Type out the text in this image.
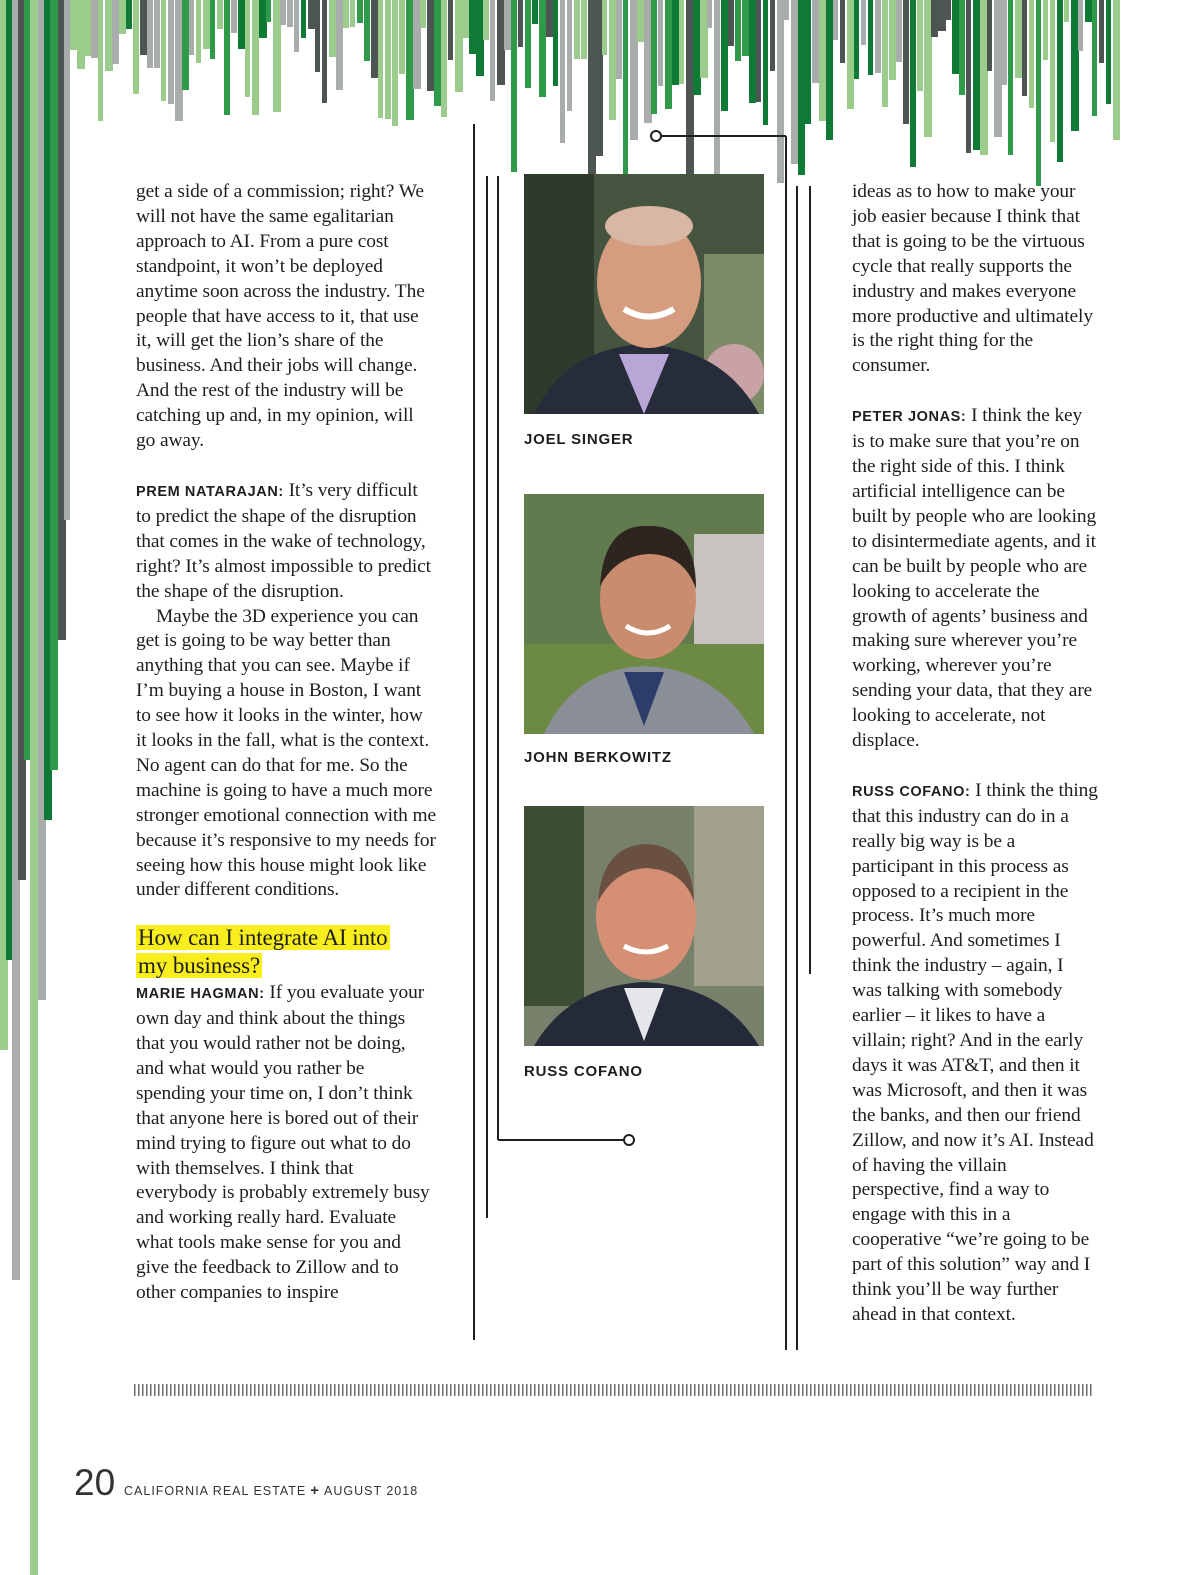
get a side of a commission; right? We will not have the same egalitarian approach to AI. From a pure cost standpoint, it won’t be deployed anytime soon across the industry. The people that have access to it, that use it, will get the lion’s share of the business. And their jobs will change. And the rest of the industry will be catching up and, in my opinion, will go away.

PREM NATARAJAN: It’s very difficult to predict the shape of the disruption that comes in the wake of technology, right? It’s almost impossible to predict the shape of the disruption.

Maybe the 3D experience you can get is going to be way better than anything that you can see. Maybe if I’m buying a house in Boston, I want to see how it looks in the winter, how it looks in the fall, what is the context. No agent can do that for me. So the machine is going to have a much more stronger emotional connection with me because it’s responsive to my needs for seeing how this house might look like under different conditions.

How can I integrate AI into my business?

MARIE HAGMAN: If you evaluate your own day and think about the things that you would rather not be doing, and what would you rather be spending your time on, I don’t think that anyone here is bored out of their mind trying to figure out what to do with themselves. I think that everybody is probably extremely busy and working really hard. Evaluate what tools make sense for you and give the feedback to Zillow and to other companies to inspire

JOEL SINGER
JOHN BERKOWITZ
RUSS COFANO

ideas as to how to make your job easier because I think that that is going to be the virtuous cycle that really supports the industry and makes everyone more productive and ultimately is the right thing for the consumer.

PETER JONAS: I think the key is to make sure that you’re on the right side of this. I think artificial intelligence can be built by people who are looking to disintermediate agents, and it can be built by people who are looking to accelerate the growth of agents’ business and making sure wherever you’re working, wherever you’re sending your data, that they are looking to accelerate, not displace.

RUSS COFANO: I think the thing that this industry can do in a really big way is be a participant in this process as opposed to a recipient in the process. It’s much more powerful. And sometimes I think the industry – again, I was talking with somebody earlier – it likes to have a villain; right? And in the early days it was AT&T, and then it was Microsoft, and then it was the banks, and then our friend Zillow, and now it’s AI. Instead of having the villain perspective, find a way to engage with this in a cooperative “we’re going to be part of this solution” way and I think you’ll be way further ahead in that context.

20 CALIFORNIA REAL ESTATE + AUGUST 2018
